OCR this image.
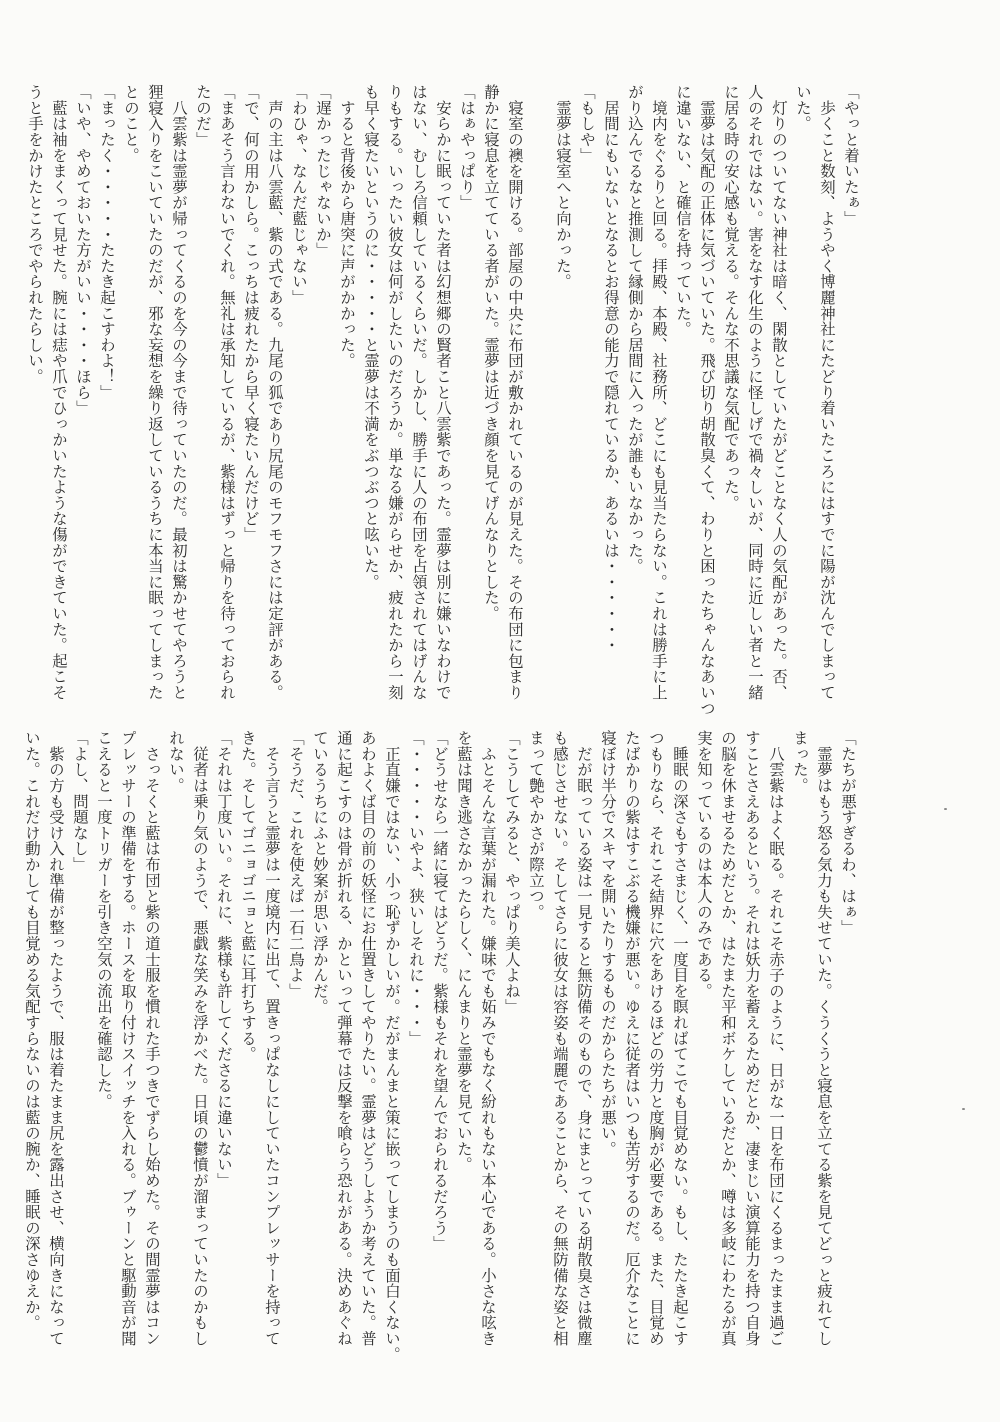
「やっと着いたぁ」

　歩くこと数刻、ようやく博麗神社にたどり着いたころにはすでに陽が沈んでしまって

いた。

　灯りのついてない神社は暗く、閑散としていたがどことなく人の気配があった。否、

人のそれではない。害をなす化生のように怪しげで禍々しいが、同時に近しい者と一緒

に居る時の安心感も覚える。そんな不思議な気配であった。

　霊夢は気配の正体に気づいていた。飛び切り胡散臭くて、わりと困ったちゃんなあいつ

に違いない、と確信を持っていた。

　境内をぐるりと回る。拝殿、本殿、社務所、どこにも見当たらない。これは勝手に上

がり込んでるなと推測して縁側から居間に入ったが誰もいなかった。

　居間にもいないとなるとお得意の能力で隠れているか、あるいは・・・・・・

「もしや」

　霊夢は寝室へと向かった。

　寝室の襖を開ける。部屋の中央に布団が敷かれているのが見えた。その布団に包まり

静かに寝息を立てている者がいた。霊夢は近づき顔を見てげんなりとした。

「はぁやっぱり」

　安らかに眠っていた者は幻想郷の賢者こと八雲紫であった。霊夢は別に嫌いなわけで

はない、むしろ信頼しているくらいだ。しかし、勝手に人の布団を占領されてはげんな

りもする。いったい彼女は何がしたいのだろうか。単なる嫌がらせか、疲れたから一刻

も早く寝たいというのに・・・・・と霊夢は不満をぶつぶつと呟いた。

　すると背後から唐突に声がかかった。

「遅かったじゃないか」

「わひゃ、なんだ藍じゃない」

　声の主は八雲藍、紫の式である。九尾の狐であり尻尾のモフモフさには定評がある。

「で、何の用かしら。こっちは疲れたから早く寝たいんだけど」

「まあそう言わないでくれ。無礼は承知しているが、紫様はずっと帰りを待っておられ

たのだ」

　八雲紫は霊夢が帰ってくるのを今の今まで待っていたのだ。最初は驚かせてやろうと

狸寝入りをこいていたのだが、邪な妄想を繰り返しているうちに本当に眠ってしまった

とのこと。

「まったく・・・・・たたき起こすわよ！」

「いや、やめておいた方がいい・・・・ほら」

　藍は袖をまくって見せた。腕には痣や爪でひっかいたような傷ができていた。起こそ

うと手をかけたところでやられたらしい。

「たちが悪すぎるわ、はぁ」

　霊夢はもう怒る気力も失せていた。くうくうと寝息を立てる紫を見てどっと疲れてし

まった。

　八雲紫はよく眠る。それこそ赤子のように、日がな一日を布団にくるまったまま過ご

すことさえあるという。それは妖力を蓄えるためだとか、凄まじい演算能力を持つ自身

の脳を休ませるためだとか、はたまた平和ボケしているだとか、噂は多岐にわたるが真

実を知っているのは本人のみである。

　睡眠の深さもすさまじく、一度目を瞑ればてこでも目覚めない。もし、たたき起こす

つもりなら、それこそ結界に穴をあけるほどの労力と度胸が必要である。また、目覚め

たばかりの紫はすこぶる機嫌が悪い。ゆえに従者はいつも苦労するのだ。厄介なことに

寝ぼけ半分でスキマを開いたりするものだからたちが悪い。

　だが眠っている姿は一見すると無防備そのもので、身にまとっている胡散臭さは微塵

も感じさせない。そしてさらに彼女は容姿も端麗であることから、その無防備な姿と相

まって艶やかさが際立つ。

「こうしてみると、やっぱり美人よね」

　ふとそんな言葉が漏れた。嫌味でも妬みでもなく紛れもない本心である。小さな呟き

を藍は聞き逃さなかったらしく、にんまりと霊夢を見ていた。

「どうせなら一緒に寝てはどうだ。紫様もそれを望んでおられるだろう」

「・・・・・いやよ、狭いしそれに・・・」

　正直嫌ではない、小っ恥ずかしいが。だがまんまと策に嵌ってしまうのも面白くない。

あわよくば目の前の妖怪にお仕置きしてやりたい。霊夢はどうしようか考えていた。普

通に起こすのは骨が折れる、かといって弾幕では反撃を喰らう恐れがある。決めあぐね

ているうちにふと妙案が思い浮かんだ。

「そうだ、これを使えば一石二鳥よ」

　そう言うと霊夢は一度境内に出て、置きっぱなしにしていたコンプレッサーを持って

きた。そしてゴニョゴニョと藍に耳打ちする。

「それは丁度いい。それに、紫様も許してくださるに違いない」

　従者は乗り気のようで、悪戯な笑みを浮かべた。日頃の鬱憤が溜まっていたのかもし

れない。

　さっそくと藍は布団と紫の道士服を慣れた手つきでずらし始めた。その間霊夢はコン

プレッサーの準備をする。ホースを取り付けスイッチを入れる。ブゥーンと駆動音が聞

こえると一度トリガーを引き空気の流出を確認した。

「よし、問題なし」

　紫の方も受け入れ準備が整ったようで、服は着たまま尻を露出させ、横向きになって

いた。これだけ動かしても目覚める気配すらないのは藍の腕か、睡眠の深さゆえか。
